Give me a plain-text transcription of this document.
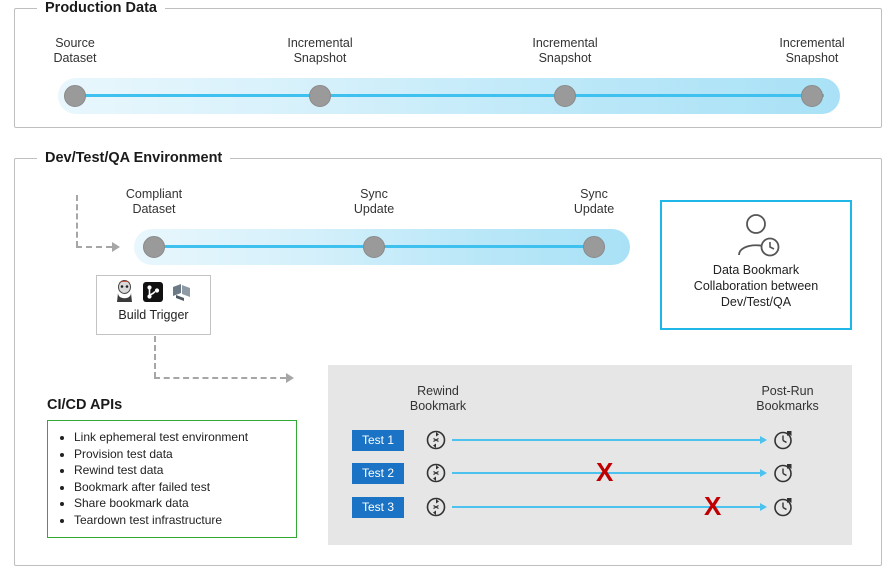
Production Data
Source
Dataset
Incremental
Snapshot
Incremental
Snapshot
Incremental
Snapshot
Dev/Test/QA Environment
Compliant
Dataset
Sync
Update
Sync
Update
Build Trigger
Data Bookmark
Collaboration between
Dev/Test/QA
CI/CD APIs
• Link ephemeral test environment
• Provision test data
• Rewind test data
• Bookmark after failed test
• Share bookmark data
• Teardown test infrastructure
Rewind
Bookmark
Post-Run
Bookmarks
Test 1
Test 2	X
Test 3	X
